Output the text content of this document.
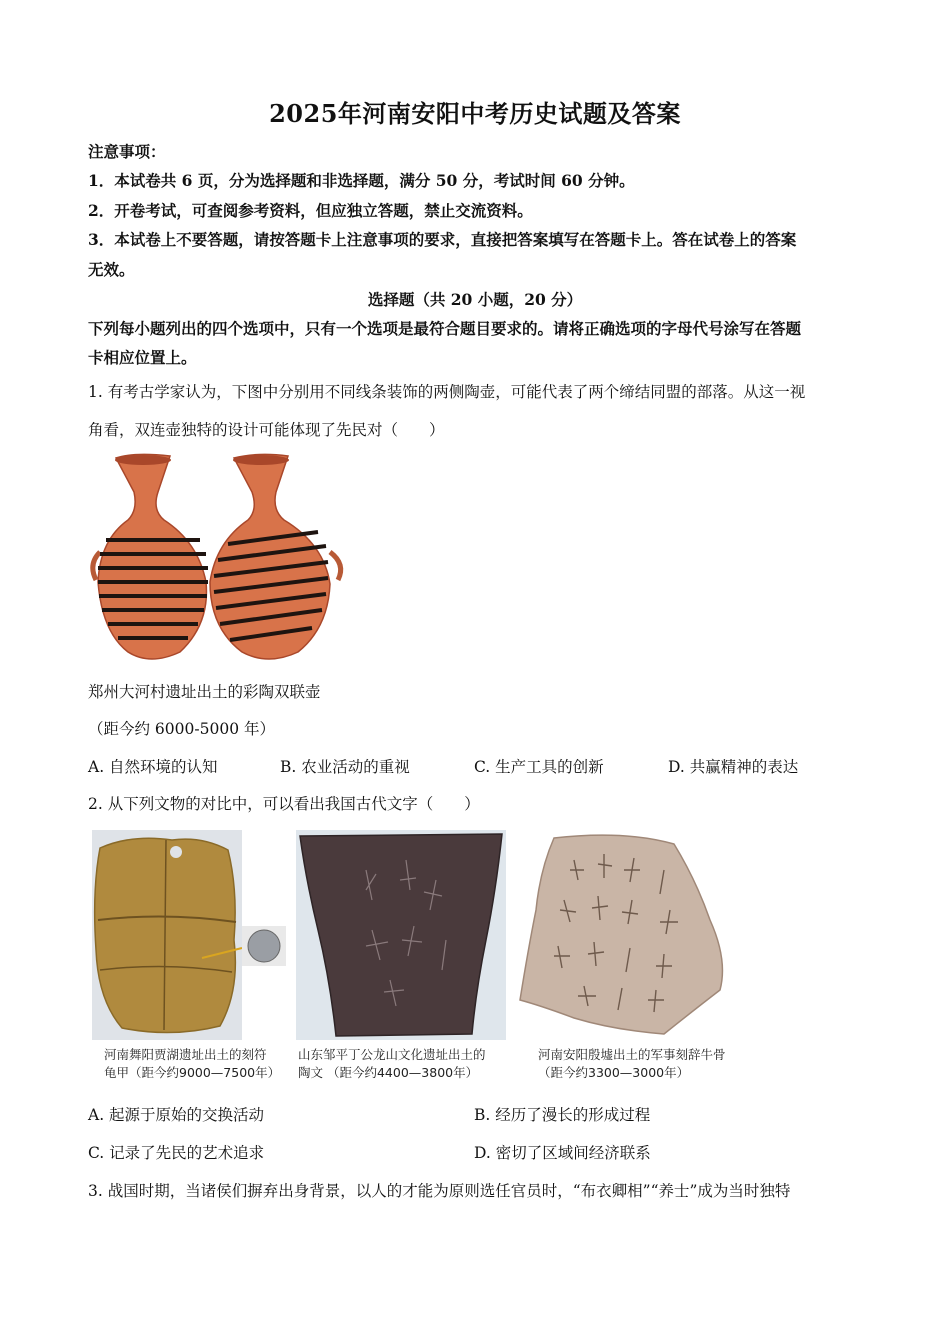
2025年河南安阳中考历史试题及答案
注意事项：
1．本试卷共 6 页，分为选择题和非选择题，满分 50 分，考试时间 60 分钟。
2．开卷考试，可查阅参考资料，但应独立答题，禁止交流资料。
3．本试卷上不要答题，请按答题卡上注意事项的要求，直接把答案填写在答题卡上。答在试卷上的答案
无效。
选择题（共 20 小题，20 分）
下列每小题列出的四个选项中，只有一个选项是最符合题目要求的。请将正确选项的字母代号涂写在答题
卡相应位置上。
1. 有考古学家认为，下图中分别用不同线条装饰的两侧陶壶，可能代表了两个缔结同盟的部落。从这一视
角看，双连壶独特的设计可能体现了先民对（　　）
郑州大河村遗址出土的彩陶双联壶
（距今约 6000-5000 年）
A. 自然环境的认知	B. 农业活动的重视	C. 生产工具的创新	D. 共赢精神的表达
2. 从下列文物的对比中，可以看出我国古代文字（　　）
河南舞阳贾湖遗址出土的刻符
龟甲（距今约9000—7500年）
山东邹平丁公龙山文化遗址出土的
陶文 （距今约4400—3800年）
河南安阳殷墟出土的军事刻辞牛骨
（距今约3300—3000年）
A. 起源于原始的交换活动	B. 经历了漫长的形成过程
C. 记录了先民的艺术追求	D. 密切了区域间经济联系
3. 战国时期，当诸侯们摒弃出身背景，以人的才能为原则选任官员时，“布衣卿相”“养士”成为当时独特
